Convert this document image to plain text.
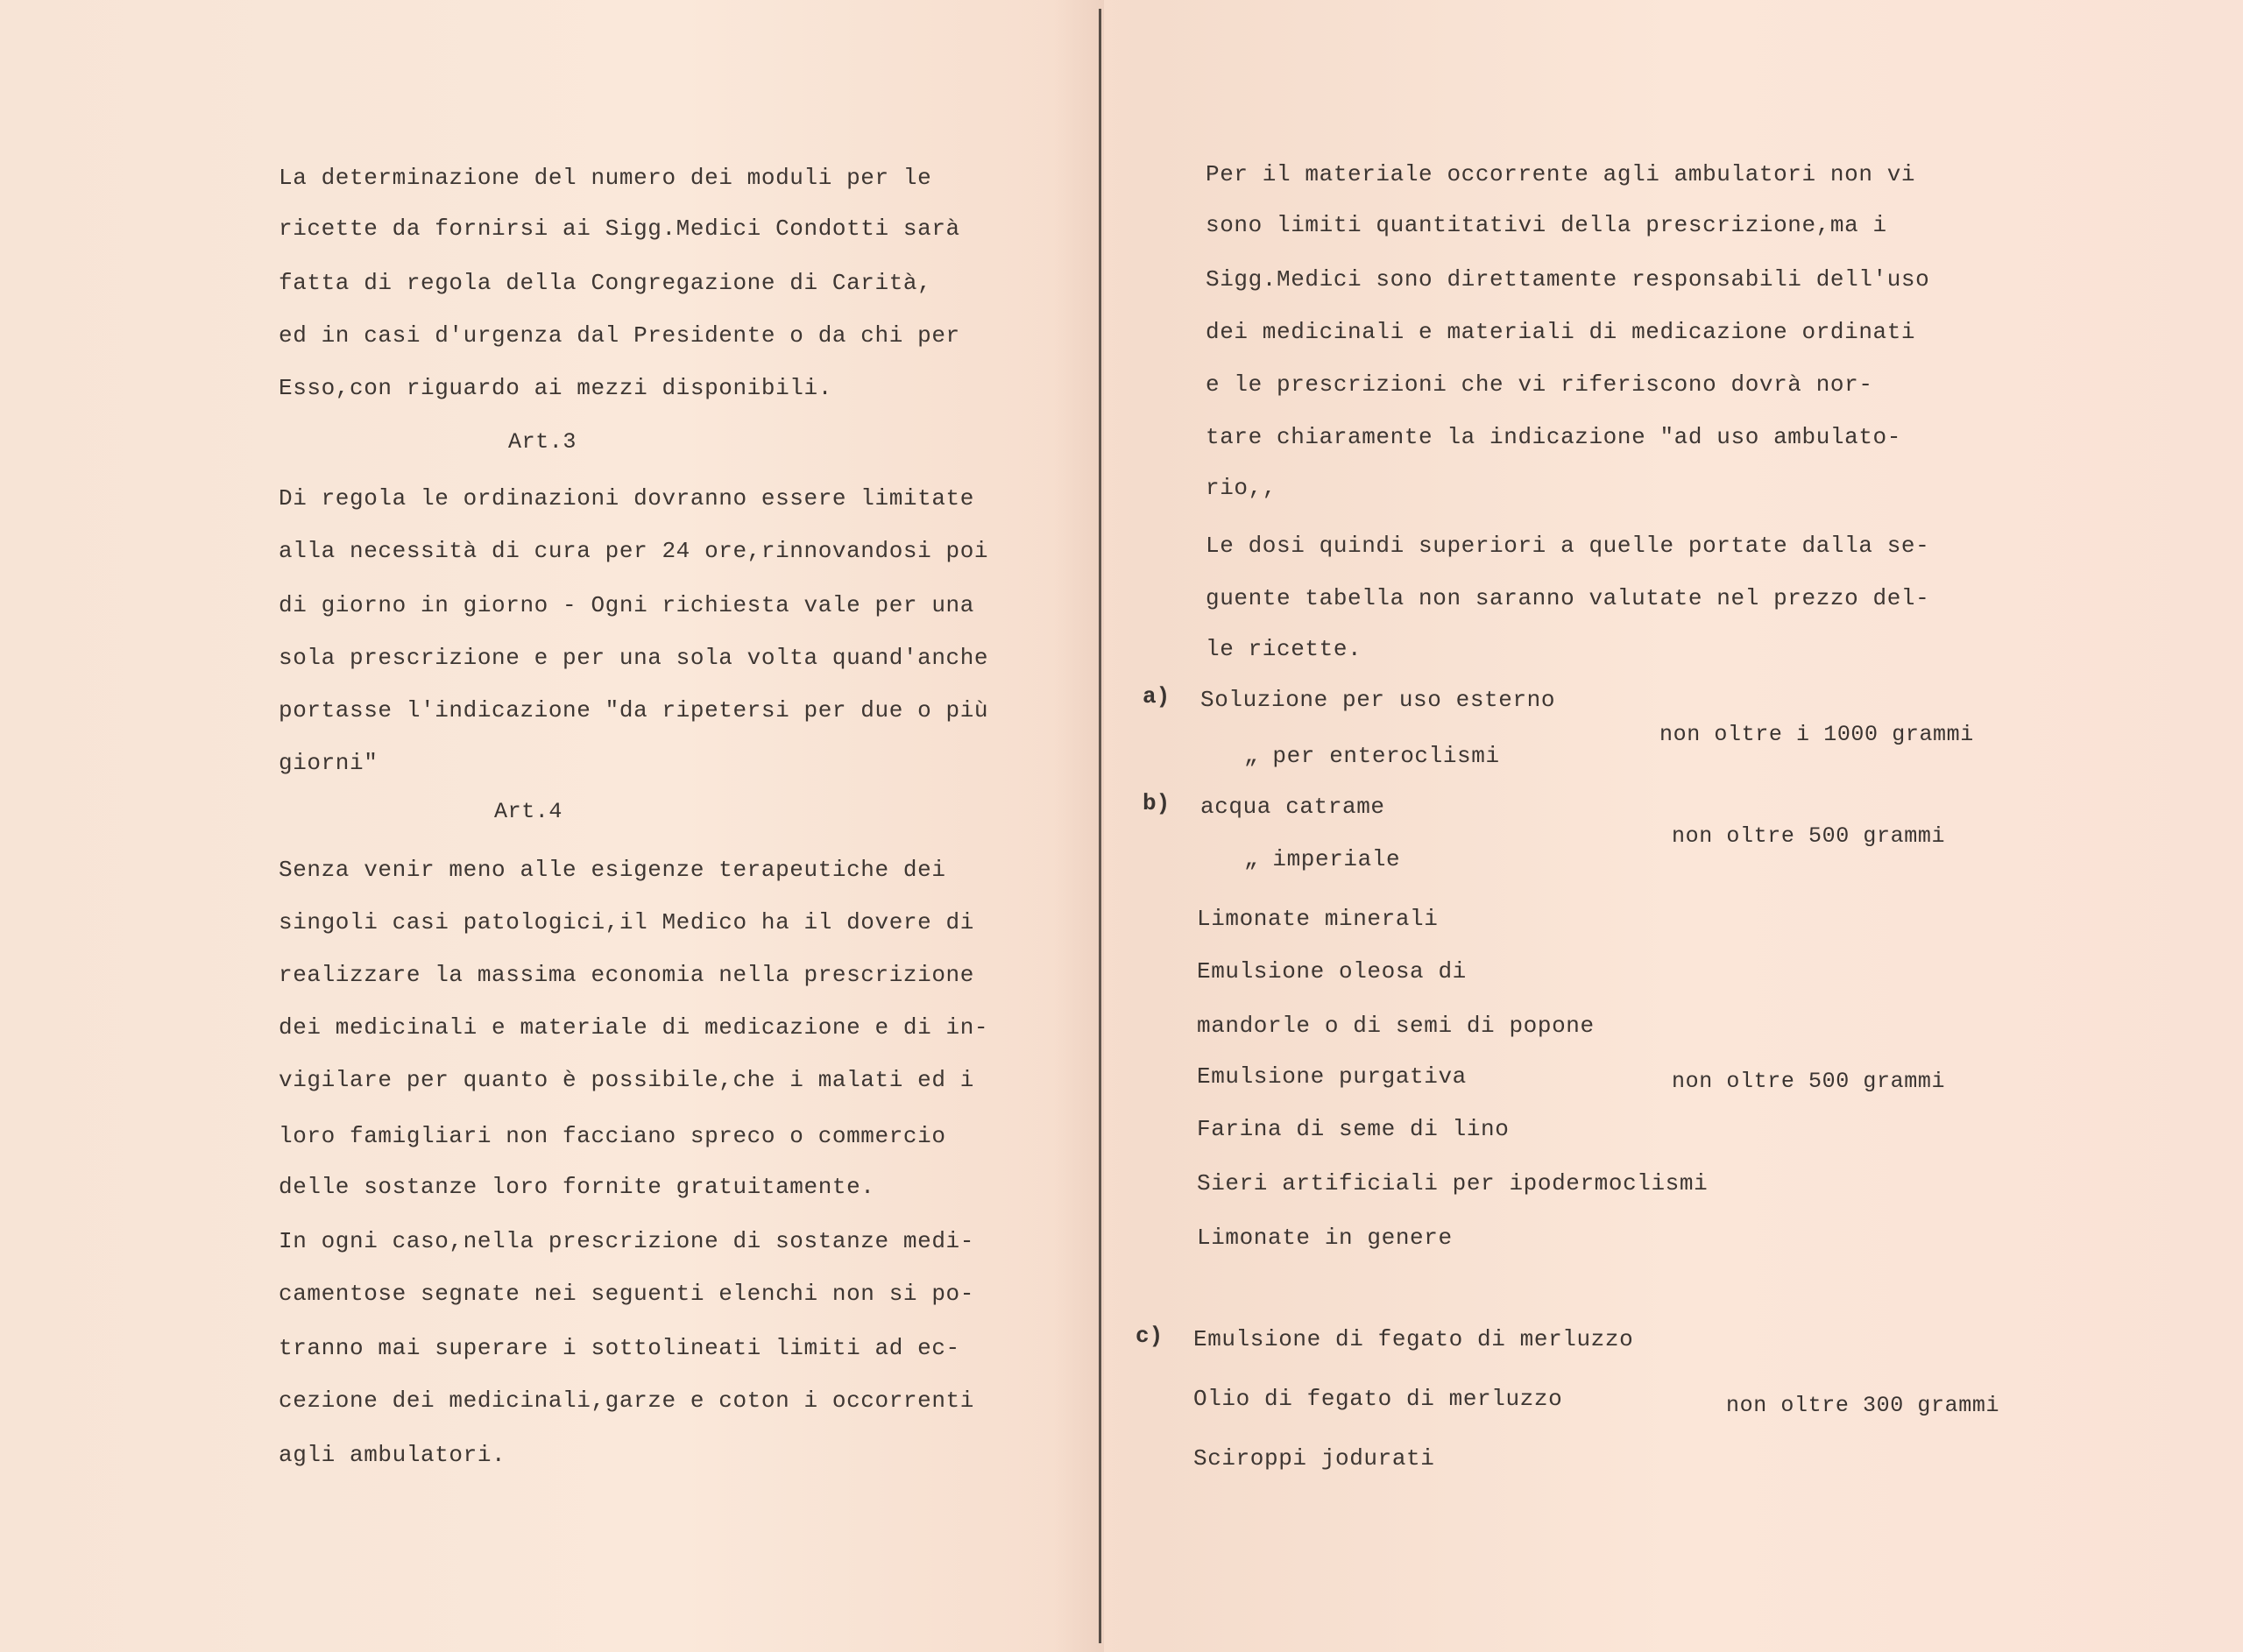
La determinazione del numero dei moduli per le
ricette da fornirsi ai Sigg.Medici Condotti sarà
fatta di regola della Congregazione di Carità,
ed in casi d'urgenza dal Presidente o da chi per
Esso,con riguardo ai mezzi disponibili.
Art.3
Di regola le ordinazioni dovranno essere limitate
alla necessità di cura per 24 ore,rinnovandosi poi
di giorno in giorno - Ogni richiesta vale per una
sola prescrizione e per una sola volta quand'anche
portasse l'indicazione "da ripetersi per due o più
giorni"
Art.4
Senza venir meno alle esigenze terapeutiche dei
singoli casi patologici,il Medico ha il dovere di
realizzare la massima economia nella prescrizione
dei medicinali e materiale di medicazione e di in-
vigilare per quanto è possibile,che i malati ed i
loro famigliari non facciano spreco o commercio
delle sostanze loro fornite gratuitamente.
In ogni caso,nella prescrizione di sostanze medi-
camentose segnate nei seguenti elenchi non si po-
tranno mai superare i sottolineati limiti ad ec-
cezione dei medicinali,garze e coton i occorrenti
agli ambulatori.
Per il materiale occorrente agli ambulatori non vi
sono limiti quantitativi della prescrizione,ma i
Sigg.Medici sono direttamente responsabili dell'uso
dei medicinali e materiali di medicazione ordinati
e le prescrizioni che vi riferiscono dovrà nor-
tare chiaramente la indicazione "ad uso ambulato-
rio,,
Le dosi quindi superiori a quelle portate dalla se-
guente tabella non saranno valutate nel prezzo del-
le ricette.
a) Soluzione per uso esterno
„ per enteroclismi
non oltre i 1000 grammi
b) acqua catrame
„ imperiale
non oltre 500 grammi
Limonate minerali
Emulsione oleosa di
mandorle o di semi di popone
Emulsione purgativa	non oltre 500 grammi
Farina di seme di lino
Sieri artificiali per ipodermoclismi
Limonate in genere
c) Emulsione di fegato di merluzzo
Olio di fegato di merluzzo	non oltre 300 grammi
Sciroppi jodurati
